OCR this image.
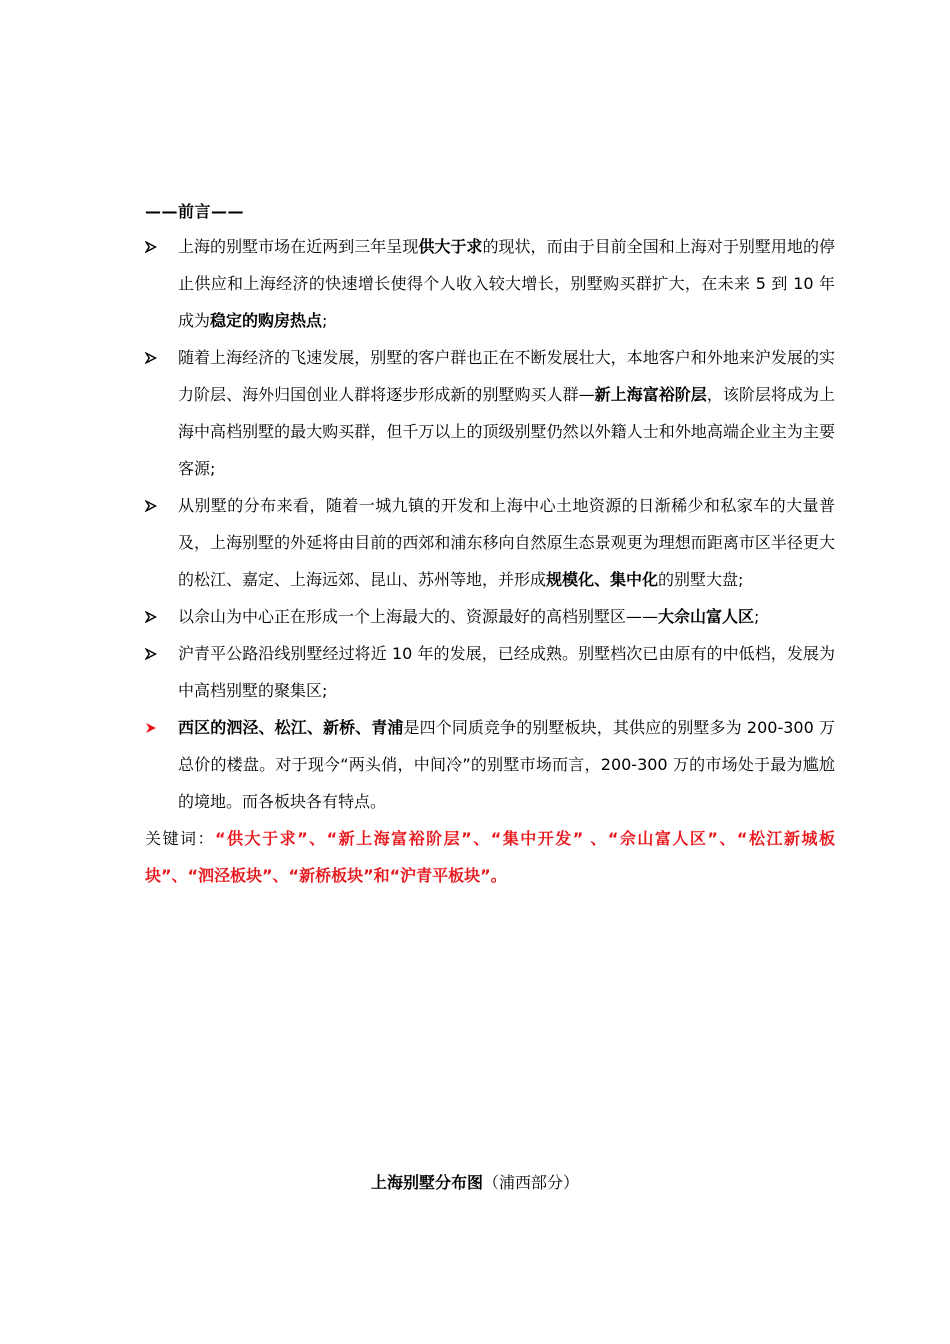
——前言——

上海的别墅市场在近两到三年呈现供大于求的现状，而由于目前全国和上海对于别墅用地的停止供应和上海经济的快速增长使得个人收入较大增长，别墅购买群扩大，在未来 5 到 10 年成为稳定的购房热点;

随着上海经济的飞速发展，别墅的客户群也正在不断发展壮大，本地客户和外地来沪发展的实力阶层、海外归国创业人群将逐步形成新的别墅购买人群—新上海富裕阶层，该阶层将成为上海中高档别墅的最大购买群，但千万以上的顶级别墅仍然以外籍人士和外地高端企业主为主要客源;

从别墅的分布来看，随着一城九镇的开发和上海中心土地资源的日渐稀少和私家车的大量普及，上海别墅的外延将由目前的西郊和浦东移向自然原生态景观更为理想而距离市区半径更大的松江、嘉定、上海远郊、昆山、苏州等地，并形成规模化、集中化的别墅大盘;

以佘山为中心正在形成一个上海最大的、资源最好的高档别墅区——大佘山富人区;

沪青平公路沿线别墅经过将近 10 年的发展，已经成熟。别墅档次已由原有的中低档，发展为中高档别墅的聚集区;

西区的泗泾、松江、新桥、青浦是四个同质竞争的别墅板块，其供应的别墅多为 200-300 万总价的楼盘。对于现今“两头俏，中间冷”的别墅市场而言，200-300 万的市场处于最为尴尬的境地。而各板块各有特点。

关键词：“供大于求”、“新上海富裕阶层”、“集中开发” 、“佘山富人区”、“松江新城板块”、“泗泾板块”、“新桥板块”和“沪青平板块”。

上海别墅分布图（浦西部分）
